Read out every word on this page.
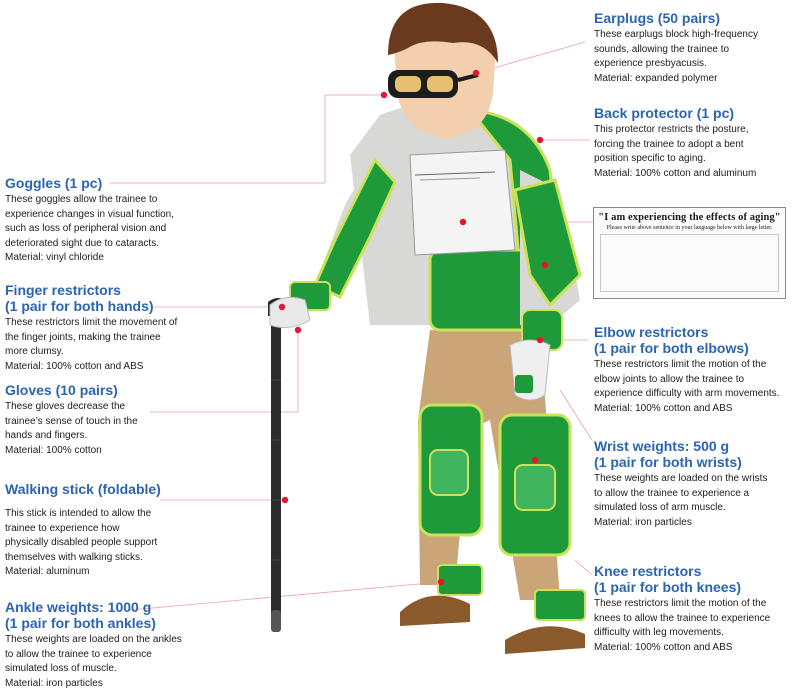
"I am experiencing the effects of aging"
Please write above sentence in your language below with large letter.
Earplugs (50 pairs)
These earplugs block high-frequency
sounds, allowing the trainee to
experience presbyacusis.
Material: expanded polymer
Back protector (1 pc)
This protector restricts the posture,
forcing the trainee to adopt a bent
position specific to aging.
Material: 100% cotton and aluminum
Elbow restrictors
(1 pair for both elbows)
These restrictors limit the motion of the
elbow joints to allow the trainee to
experience difficulty with arm movements.
Material: 100% cotton and ABS
Wrist weights: 500 g
(1 pair for both wrists)
These weights are loaded on the wrists
to allow the trainee to experience a
simulated loss of arm muscle.
Material: iron particles
Knee restrictors
(1 pair for both knees)
These restrictors limit the motion of the
knees to allow the trainee to experience
difficulty with leg movements.
Material: 100% cotton and ABS
Goggles (1 pc)
These goggles allow the trainee to
experience changes in visual function,
such as loss of peripheral vision and
deteriorated sight due to cataracts.
Material: vinyl chloride
Finger restrictors
(1 pair for both hands)
These restrictors limit the movement of
the finger joints, making the trainee
more clumsy.
Material: 100% cotton and ABS
Gloves (10 pairs)
These gloves decrease the
trainee’s sense of touch in the
hands and fingers.
Material: 100% cotton
Walking stick (foldable)
This stick is intended to allow the
trainee to experience how
physically disabled people support
themselves with walking sticks.
Material: aluminum
Ankle weights: 1000 g
(1 pair for both ankles)
These weights are loaded on the ankles
to allow the trainee to experience
simulated loss of muscle.
Material: iron particles
